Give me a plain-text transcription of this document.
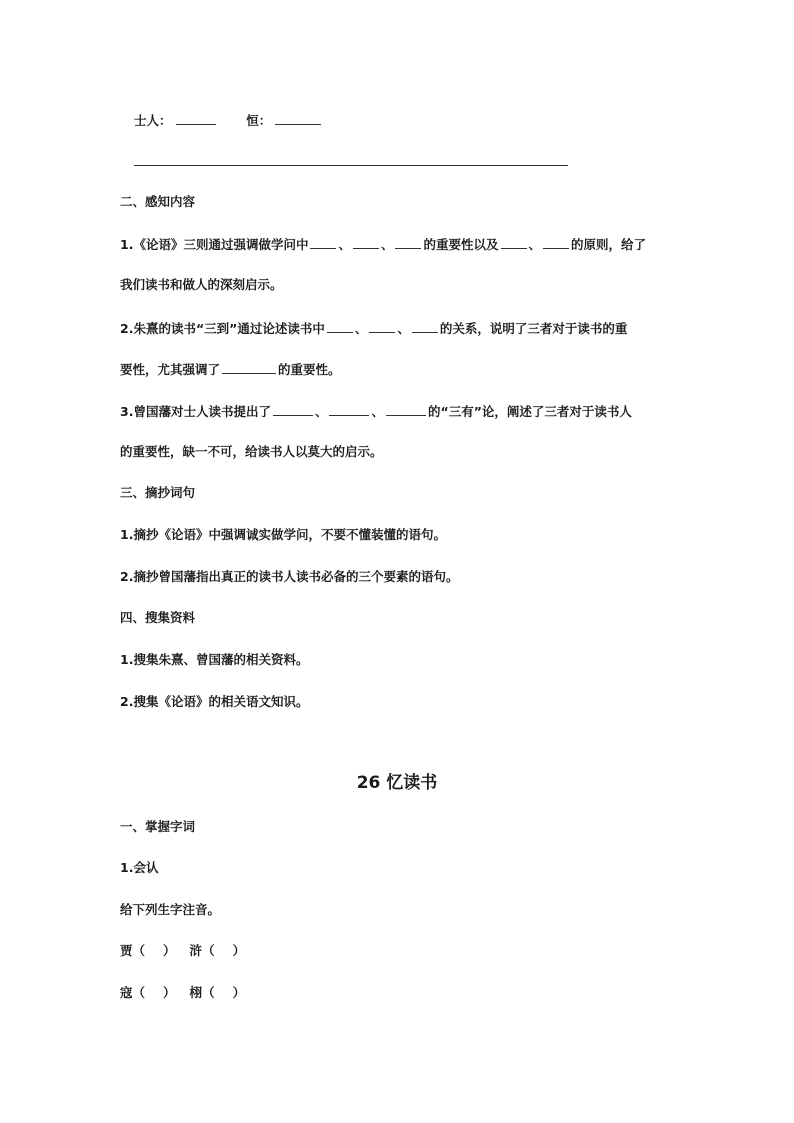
士人：	恒：
二、感知内容
1.《论语》三则通过强调做学问中 、 、 的重要性以及 、 的原则，给了
我们读书和做人的深刻启示。
2.朱熹的读书“三到”通过论述读书中 、 、 的关系，说明了三者对于读书的重
要性，尤其强调了	的重要性。
3.曾国藩对士人读书提出了	、	、	的“三有”论，阐述了三者对于读书人
的重要性，缺一不可，给读书人以莫大的启示。
三、摘抄词句
1.摘抄《论语》中强调诚实做学问，不要不懂装懂的语句。
2.摘抄曾国藩指出真正的读书人读书必备的三个要素的语句。
四、搜集资料
1.搜集朱熹、曾国藩的相关资料。
2.搜集《论语》的相关语文知识。
26 忆读书
一、掌握字词
1.会认
给下列生字注音。
贾（ ） 浒（ ）
寇（ ） 栩（ ）
